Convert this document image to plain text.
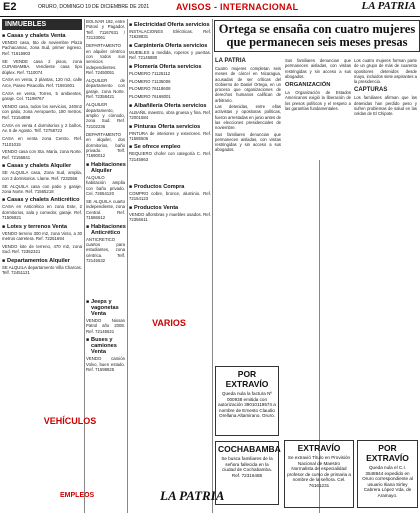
E2	ORURO, DOMINGO 19 DE DICIEMBRE DE 2021	AVISOS - INTERNACIONAL	LA PATRIA
INMUEBLES
■ Casas y chalets Venta
VENDO casa, 5to de noviembre Plaza Pachacamac, zona Sud, primer ingreso. Ref. 71615903
SE VENDE casa 2 pisos, zona CURABAMBA. Vendiente casa tipo dúplex. Ref. 7110074
CASA en venta, 2 plantas, 120 m2, calle Arce, Paseo Pisacolla. Ref. 71591601
CASA en venta, Torres, 5 ambientes, garaje. Cel. 71198767
VENDO casa, todos los servicios, 240m2 con patio, zona Aeropuerto, 180 metros. Ref. 72154898
CASA en venta 4 dormitorios y 2 baños, Av. 6 de Agosto. Telf. 72758722
CASA en venta zona Centro. Ref. 71101015
VENDO casa con Sta. Maria, zona Norte. Ref. 72156841
■ Casas y chalets Alquiler
SE ALQUILA casa, Zona Sud, amplia, con 3 dormitorios. Llame. Ref. 7232566
SE ALQUILA casa con patio y garaje, zona Norte. Ref. 71565218
■ Casas y chalets Anticrético
CASA en Anticrético en zona Este, 2 dormitorios, sala y comedor, garaje. Ref. 71506821
■ Lotes y terrenos Venta
VENDO terreno 300 m2, zona Vinto, a 30 metros carretera. Ref. 72251694
VENDO lote de terreno, 470 m2, zona Sud. Ref. 72352321
■ Departamentos Alquiler
SE ALQUILA departamento Villa Charcas. Telf. 72451121
BOLIVAR 192, entre Potosí y Pagador. Telf. 71167631 / 72133061
DEPARTAMENTO en alquiler céntrico con todos sus servicios independientes. Ref. 72450051
ALQUILER de departamento con garaje, zona Norte. Ref. 72358421
ALQUILER departamento, amplio y cómodo, zona Sud. Ref. 72102236
DEPARTAMENTO en alquiler, dos dormitorios, baño privado. Telf. 71690012
■ Habitaciones Alquiler
ALQUILO habitación amplia con baño privado. Cel. 72654120
SE ALQUILA cuarto independiente, zona Central. Ref. 71586612
■ Habitaciones Anticrético
ANTICRETICO cuartos para estudiantes, zona céntrica. Telf. 72145532
■ Jeeps y vagonetas Venta
VENDO Nissan Patrol año 2008. Ref. 72145621
■ Buses y camiones Venta
VENDO camión Volvo, buen estado. Ref. 71598825
■ Electricidad Oferta servicios
INSTALACIONES Eléctricas. Ref. 71628831
■ Carpintería Oferta servicios
MUEBLES a medida, roperos y puertas. Ref. 72145880
■ Plomería Oferta servicios
PLOMERO 71126112
PLOMERO 71135006
PLOMERO 76118608
PLOMERO 76168001
■ Albañilería Oferta servicios
ALBAÑIL maestro, obra gruesa y fina. Ref. 72001584
■ Pinturas Oferta servicios
PINTURA de interiores y exteriores. Ref. 71585506
■ Se ofrece empleo
REQUIERO chofer con categoría C. Ref. 72145863
■ Productos Compra
COMPRO cobre, bronce, aluminio. Ref. 72154123
■ Productos Venta
VENDO alfombras y muebles usados. Ref. 72356611
VARIOS
VEHÍCULOS
EMPLEOS	LA PATRIA
Ortega se ensaña con cuatro mujeres que permanecen seis meses presas
LA PATRIA

Cuatro mujeres completan seis meses de cárcel en Nicaragua, acusadas de ser críticas del Gobierno de Daniel Ortega, en un proceso que organizaciones de derechos humanos califican de arbitrario.

Las detenidas, entre ellas activistas y opositoras políticas, fueron arrestadas en junio antes de las elecciones presidenciales de noviembre.

Sus familiares denuncian que permanecen aisladas, con visitas restringidas y sin acceso a sus abogados.

Sus familiares denuncian que permanecen aisladas, con visitas restringidas y sin acceso a sus abogados.

ORGANIZACIÓN

La Organización de Estados Americanos exigió la liberación de los presos políticos y el respeto a las garantías fundamentales.

Los cuatro mujeres forman parte de un grupo de más de cuarenta opositores detenidos desde mayo, incluidos siete aspirantes a la presidencia.

CAPTURAS

Los familiares afirman que las detenidas han perdido peso y sufren problemas de salud en las celdas de El Chipote.

POR EXTRAVÍO
Queda nula la factura Nº 000938 emitida con autorización 39010119574 a nombre de Ernesto Claudio Orellana Altamirano. Oruro.
COCHABAMBA
Se busca familiares de la señora fallecida en la ciudad de Cochabamba. Ref. 72316488
EXTRAVÍO
Se extravió Título en Provisión Nacional de Maestro Normalista de especialidad profesor de curso de primaria a nombre de la señora. Cel. 76161231
POR EXTRAVÍO
Queda nula el C.I. 3548844 expedido en Oruro correspondiente al usuario Iliana Sirley Cabrera López Vda. de Aramayo.
